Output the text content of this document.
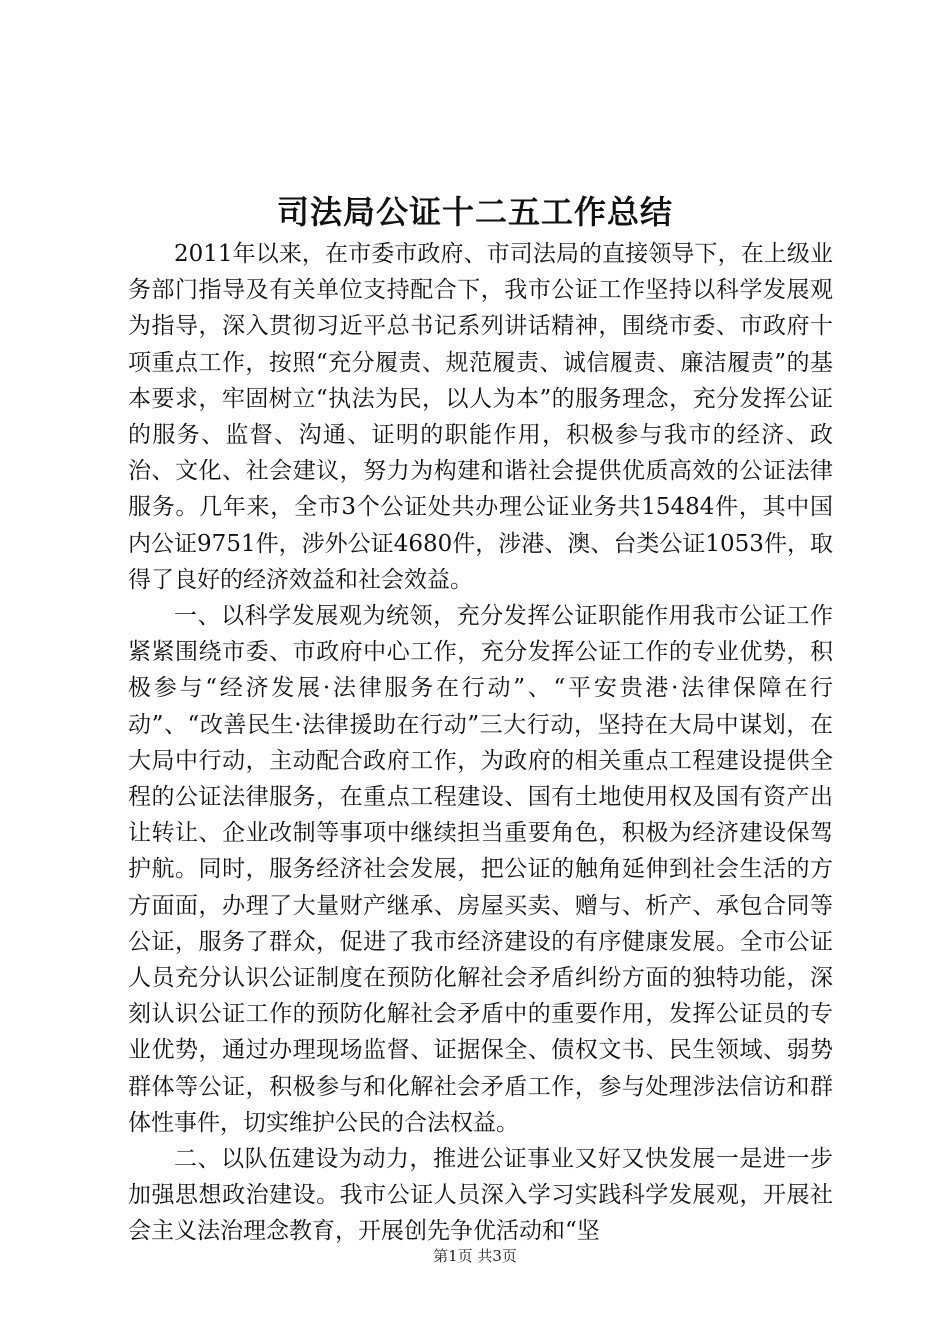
司法局公证十二五工作总结

2011年以来，在市委市政府、市司法局的直接领导下，在上级业务部门指导及有关单位支持配合下，我市公证工作坚持以科学发展观为指导，深入贯彻习近平总书记系列讲话精神，围绕市委、市政府十项重点工作，按照“充分履责、规范履责、诚信履责、廉洁履责”的基本要求，牢固树立“执法为民，以人为本”的服务理念，充分发挥公证的服务、监督、沟通、证明的职能作用，积极参与我市的经济、政治、文化、社会建议，努力为构建和谐社会提供优质高效的公证法律服务。几年来，全市3个公证处共办理公证业务共15484件，其中国内公证9751件，涉外公证4680件，涉港、澳、台类公证1053件，取得了良好的经济效益和社会效益。

一、以科学发展观为统领，充分发挥公证职能作用我市公证工作紧紧围绕市委、市政府中心工作，充分发挥公证工作的专业优势，积极参与“经济发展·法律服务在行动”、“平安贵港·法律保障在行动”、“改善民生·法律援助在行动”三大行动，坚持在大局中谋划，在大局中行动，主动配合政府工作，为政府的相关重点工程建设提供全程的公证法律服务，在重点工程建设、国有土地使用权及国有资产出让转让、企业改制等事项中继续担当重要角色，积极为经济建设保驾护航。同时，服务经济社会发展，把公证的触角延伸到社会生活的方方面面，办理了大量财产继承、房屋买卖、赠与、析产、承包合同等公证，服务了群众，促进了我市经济建设的有序健康发展。全市公证人员充分认识公证制度在预防化解社会矛盾纠纷方面的独特功能，深刻认识公证工作的预防化解社会矛盾中的重要作用，发挥公证员的专业优势，通过办理现场监督、证据保全、债权文书、民生领域、弱势群体等公证，积极参与和化解社会矛盾工作，参与处理涉法信访和群体性事件，切实维护公民的合法权益。

二、以队伍建设为动力，推进公证事业又好又快发展一是进一步加强思想政治建设。我市公证人员深入学习实践科学发展观，开展社会主义法治理念教育，开展创先争优活动和“坚

第1页 共3页
